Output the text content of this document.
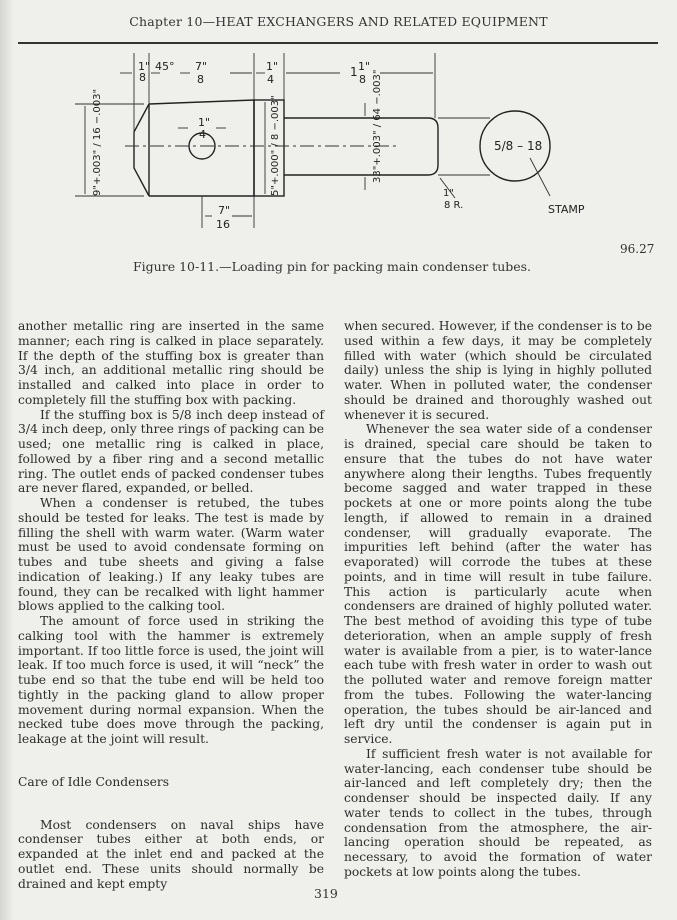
Chapter 10—HEAT EXCHANGERS AND RELATED EQUIPMENT
1"
8
45° 7"
8
1"
4
1 1"
8
1"
4
7"
16
9"+.003" / 16 −.003"	5"+.000" / 8 −.003"	33"+.003" / 64 −.003"
1"
8 R.
5/8 – 18
STAMP
96.27
Figure 10-11.—Loading pin for packing main condenser tubes.

another metallic ring are inserted in the same manner; each ring is calked in place separately. If the depth of the stuffing box is greater than 3/4 inch, an additional metallic ring should be installed and calked into place in order to completely fill the stuffing box with packing.

If the stuffing box is 5/8 inch deep instead of 3/4 inch deep, only three rings of packing can be used; one metallic ring is calked in place, followed by a fiber ring and a second metallic ring. The outlet ends of packed condenser tubes are never flared, expanded, or belled.

When a condenser is retubed, the tubes should be tested for leaks. The test is made by filling the shell with warm water. (Warm water must be used to avoid condensate forming on tubes and tube sheets and giving a false indication of leaking.) If any leaky tubes are found, they can be recalked with light hammer blows applied to the calking tool.

The amount of force used in striking the calking tool with the hammer is extremely important. If too little force is used, the joint will leak. If too much force is used, it will “neck” the tube end so that the tube end will be held too tightly in the packing gland to allow proper movement during normal expansion. When the necked tube does move through the packing, leakage at the joint will result.

Care of Idle Condensers

Most condensers on naval ships have condenser tubes either at both ends, or expanded at the inlet end and packed at the outlet end. These units should normally be drained and kept empty

when secured. However, if the condenser is to be used within a few days, it may be completely filled with water (which should be circulated daily) unless the ship is lying in highly polluted water. When in polluted water, the condenser should be drained and thoroughly washed out whenever it is secured.

Whenever the sea water side of a condenser is drained, special care should be taken to ensure that the tubes do not have water anywhere along their lengths. Tubes frequently become sagged and water trapped in these pockets at one or more points along the tube length, if allowed to remain in a drained condenser, will gradually evaporate. The impurities left behind (after the water has evaporated) will corrode the tubes at these points, and in time will result in tube failure. This action is particularly acute when condensers are drained of highly polluted water. The best method of avoiding this type of tube deterioration, when an ample supply of fresh water is available from a pier, is to water-lance each tube with fresh water in order to wash out the polluted water and remove foreign matter from the tubes. Following the water-lancing operation, the tubes should be air-lanced and left dry until the condenser is again put in service.

If sufficient fresh water is not available for water-lancing, each condenser tube should be air-lanced and left completely dry; then the condenser should be inspected daily. If any water tends to collect in the tubes, through condensation from the atmosphere, the air-lancing operation should be repeated, as necessary, to avoid the formation of water pockets at low points along the tubes.

319
